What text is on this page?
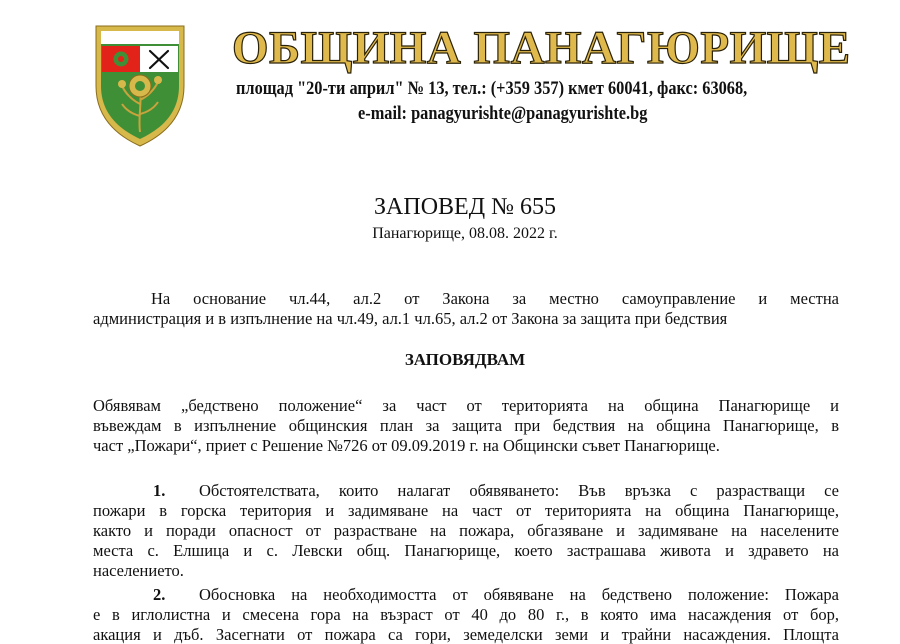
ОБЩИНА ПАНАГЮРИЩЕ
площад "20-ти април" № 13, тел.: (+359 357) кмет 60041, факс: 63068,
e-mail: panagyurishte@panagyurishte.bg
ЗАПОВЕД № 655
Панагюрище, 08.08. 2022 г.
На основание чл.44, ал.2 от Закона за местно самоуправление и местна
администрация и в изпълнение на чл.49, ал.1 чл.65, ал.2 от Закона за защита при бедствия
ЗАПОВЯДВАМ
Обявявам „бедствено положение“ за част от територията на община Панагюрище и
въвеждам в изпълнение общинския план за защита при бедствия на община Панагюрище, в
част „Пожари“, приет с Решение №726 от 09.09.2019 г. на Общински съвет Панагюрище.
1.	Обстоятелствата, които налагат обявяването: Във връзка с разрастващи се
пожари в горска територия и задимяване на част от територията на община Панагюрище,
както и поради опасност от разрастване на пожара, обгазяване и задимяване на населените
места с. Елшица и с. Левски общ. Панагюрище, което застрашава живота и здравето на
населението.
2.	Обосновка на необходимостта от обявяване на бедствено положение: Пожара
е в иглолистна и смесена гора на възраст от 40 до 80 г., в която има насаждения от бор,
акация и дъб. Засегнати от пожара са гори, земеделски земи и трайни насаждения. Площта
